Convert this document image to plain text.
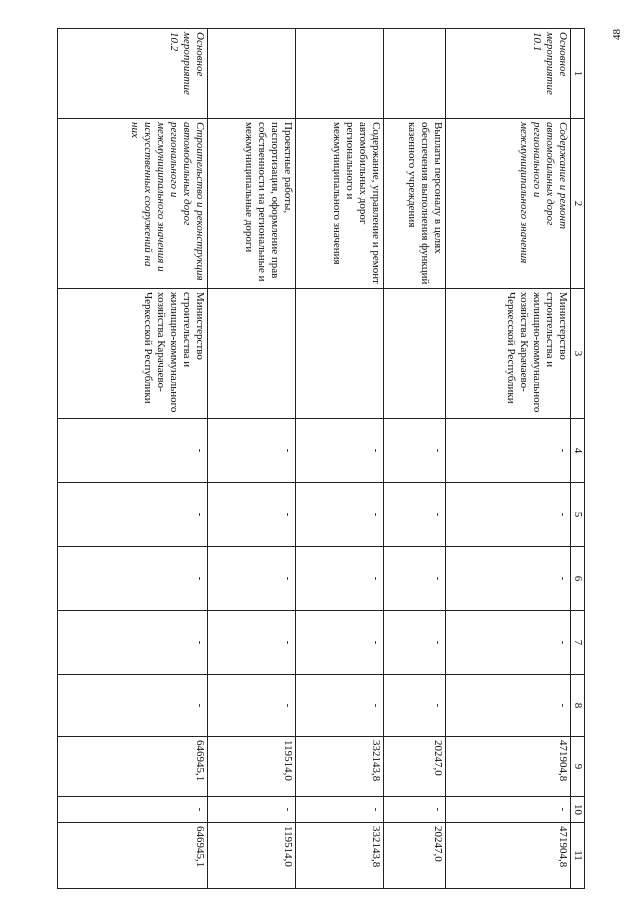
48
1	2	3	4	5	6	7	8	9	10	11
Основное мероприятие 10.1	Содержание и ремонт автомобильных дорог регионального и межмуниципального значения	Министерство строительства и жилищно-коммунального хозяйства Карачаево-Черкесской Республики	-	-	-	-	-	471904,8	-	471904,8
	Выплаты персоналу в целях обеспечения выполнения функций казенного учреждения		-	-	-	-	-	20247,0	-	20247,0
	Содержание, управление и ремонт автомобильных дорог регионального и межмуниципального значения		-	-	-	-	-	332143,8	-	332143,8
	Проектные работы, паспортизация, оформление прав собственности на региональные и межмуниципальные дороги		-	-	-	-	-	119514,0	-	119514,0
Основное мероприятие 10.2	Строительство и реконструкция автомобильных дорог регионального и межмуниципального значения и искусственных сооружений на них	Министерство строительства и жилищно-коммунального хозяйства Карачаево-Черкесской Республики	-	-	-	-	-	646945,1	-	646945,1
